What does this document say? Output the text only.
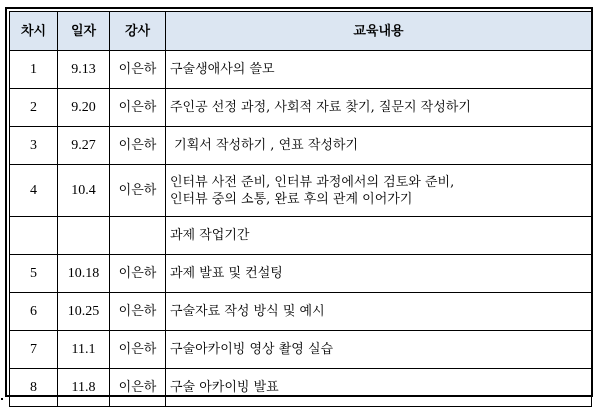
차시	일자	강사	교육내용
1	9.13	이은하	구술생애사의 쓸모
2	9.20	이은하	주인공 선정 과정, 사회적 자료 찾기, 질문지 작성하기
3	9.27	이은하	기획서 작성하기 , 연표 작성하기
4	10.4	이은하	인터뷰 사전 준비, 인터뷰 과정에서의 검토와 준비,
인터뷰 중의 소통, 완료 후의 관계 이어가기

			과제 작업기간
5	10.18	이은하	과제 발표 및 컨설팅
6	10.25	이은하	구술자료 작성 방식 및 예시
7	11.1	이은하	구술아카이빙 영상 촬영 실습
8	11.8	이은하	구술 아카이빙 발표
